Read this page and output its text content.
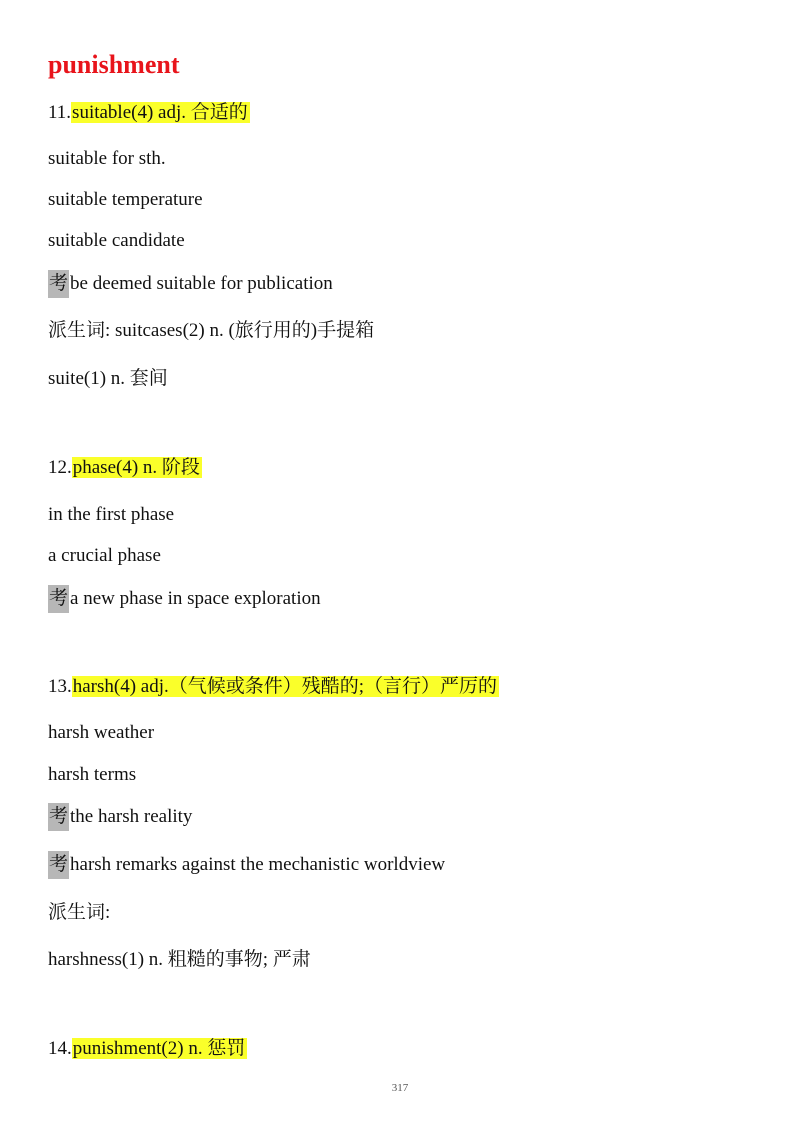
punishment
11.suitable(4) adj. 合适的
suitable for sth.
suitable temperature
suitable candidate
考 be deemed suitable for publication
派生词: suitcases(2) n. (旅行用的)手提箱
suite(1) n. 套间
12.phase(4) n. 阶段
in the first phase
a crucial phase
考 a new phase in space exploration
13.harsh(4) adj.（气候或条件）残酷的;（言行）严厉的
harsh weather
harsh terms
考 the harsh reality
考 harsh remarks against the mechanistic worldview
派生词:
harshness(1) n. 粗糙的事物; 严肃
14.punishment(2) n. 惩罚
317
